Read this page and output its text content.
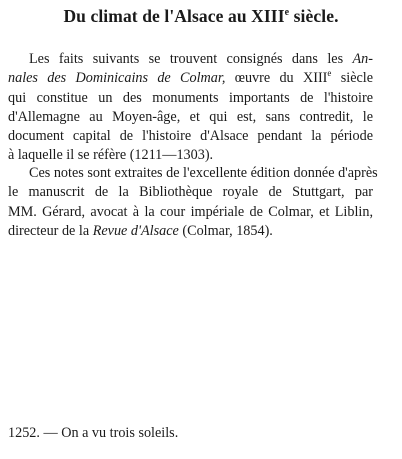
Du climat de l'Alsace au XIIIe siècle.
Les faits suivants se trouvent consignés dans les An-
nales des Dominicains de Colmar, œuvre du XIIIe siècle
qui constitue un des monuments importants de l'histoire
d'Allemagne au Moyen-âge, et qui est, sans contredit, le
document capital de l'histoire d'Alsace pendant la période
à laquelle il se réfère (1211—1303).
Ces notes sont extraites de l'excellente édition donnée d'après
le manuscrit de la Bibliothèque royale de Stuttgart, par
MM. Gérard, avocat à la cour impériale de Colmar, et Liblin,
directeur de la Revue d'Alsace (Colmar, 1854).
1252. — On a vu trois soleils.
